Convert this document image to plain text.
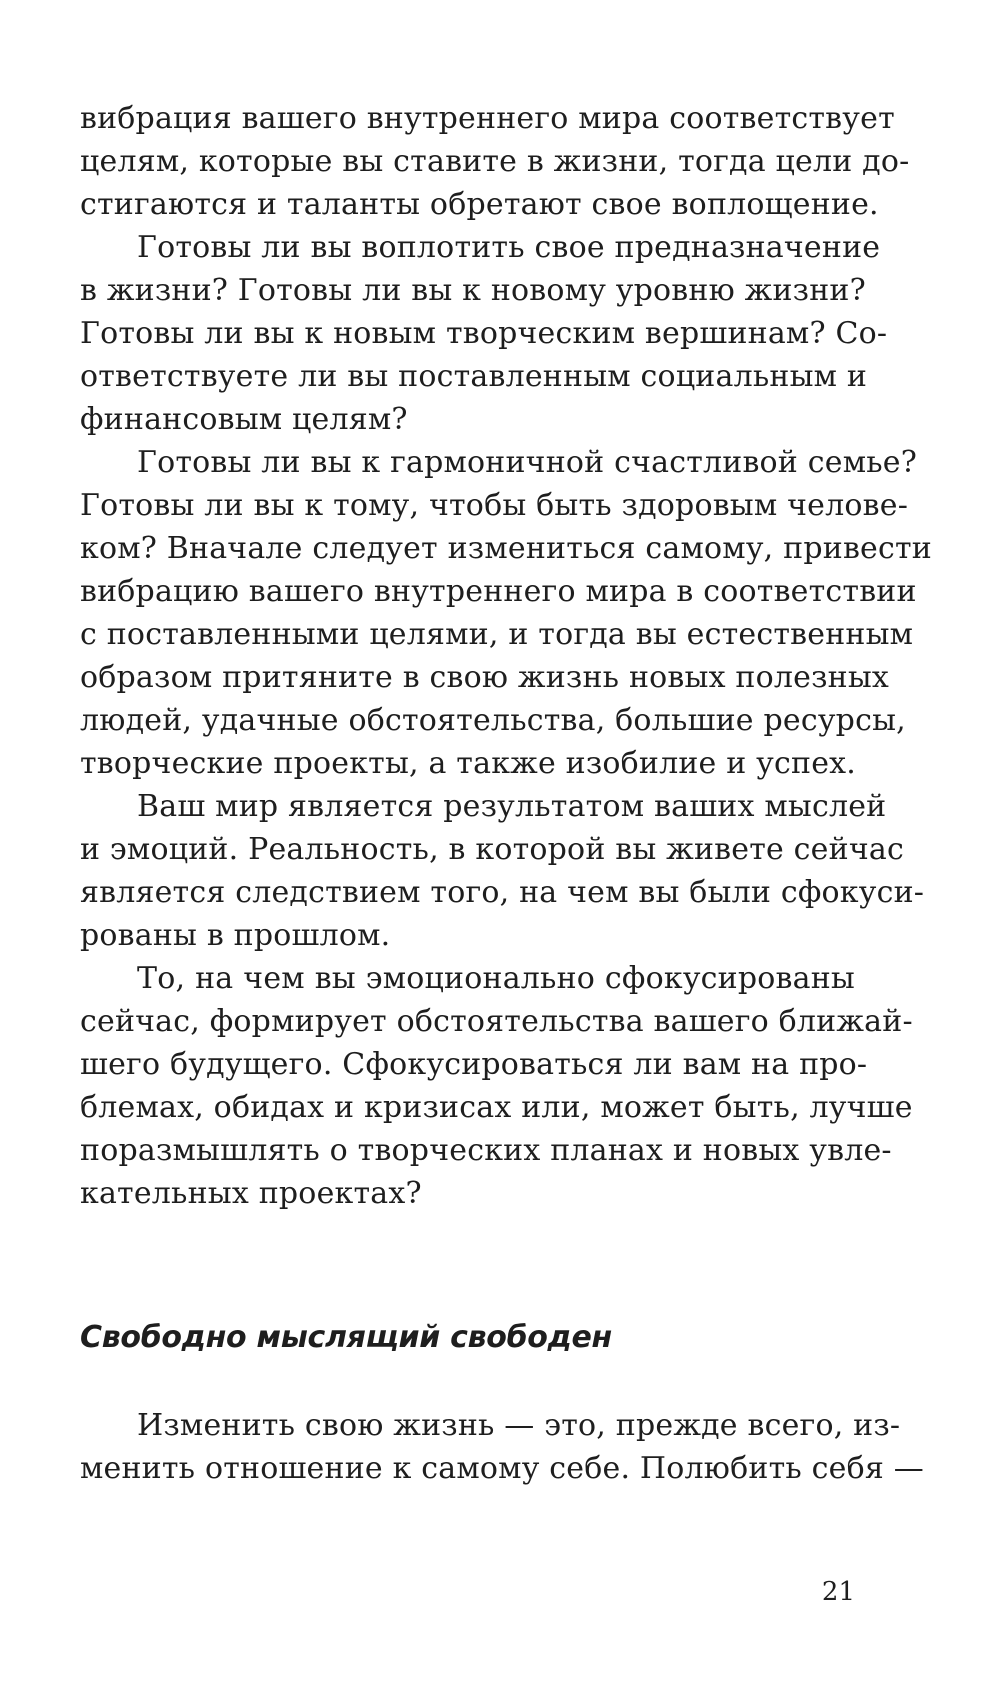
вибрация вашего внутреннего мира соответствует
целям, которые вы ставите в жизни, тогда цели до-
стигаются и таланты обретают свое воплощение.
Готовы ли вы воплотить свое предназначение
в жизни? Готовы ли вы к новому уровню жизни?
Готовы ли вы к новым творческим вершинам? Со-
ответствуете ли вы поставленным социальным и
финансовым целям?
Готовы ли вы к гармоничной счастливой семье?
Готовы ли вы к тому, чтобы быть здоровым челове-
ком? Вначале следует измениться самому, привести
вибрацию вашего внутреннего мира в соответствии
с поставленными целями, и тогда вы естественным
образом притяните в свою жизнь новых полезных
людей, удачные обстоятельства, большие ресурсы,
творческие проекты, а также изобилие и успех.
Ваш мир является результатом ваших мыслей
и эмоций. Реальность, в которой вы живете сейчас
является следствием того, на чем вы были сфокуси-
рованы в прошлом.
То, на чем вы эмоционально сфокусированы
сейчас, формирует обстоятельства вашего ближай-
шего будущего. Сфокусироваться ли вам на про-
блемах, обидах и кризисах или, может быть, лучше
поразмышлять о творческих планах и новых увле-
кательных проектах?
Свободно мыслящий свободен
Изменить свою жизнь — это, прежде всего, из-
менить отношение к самому себе. Полюбить себя —
21
